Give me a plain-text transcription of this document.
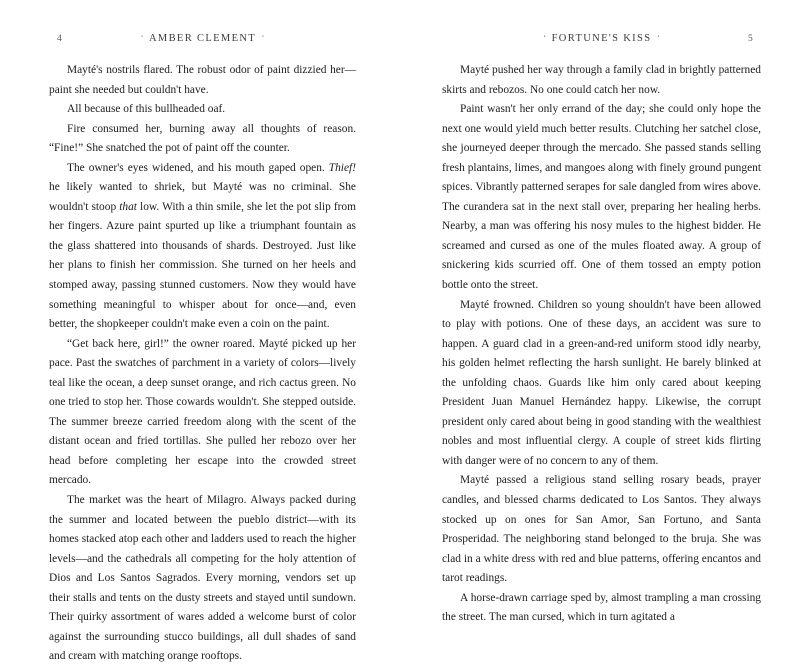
4	• AMBER CLEMENT •

Mayté's nostrils flared. The robust odor of paint dizzied her—paint she needed but couldn't have.

All because of this bullheaded oaf.

Fire consumed her, burning away all thoughts of reason. “Fine!” She snatched the pot of paint off the counter.

The owner's eyes widened, and his mouth gaped open. Thief! he likely wanted to shriek, but Mayté was no criminal. She wouldn't stoop that low. With a thin smile, she let the pot slip from her fingers. Azure paint spurted up like a triumphant fountain as the glass shattered into thousands of shards. Destroyed. Just like her plans to finish her commission. She turned on her heels and stomped away, passing stunned customers. Now they would have something meaningful to whisper about for once—and, even better, the shopkeeper couldn't make even a coin on the paint.

“Get back here, girl!” the owner roared. Mayté picked up her pace. Past the swatches of parchment in a variety of colors—lively teal like the ocean, a deep sunset orange, and rich cactus green. No one tried to stop her. Those cowards wouldn't. She stepped outside. The summer breeze carried freedom along with the scent of the distant ocean and fried tortillas. She pulled her rebozo over her head before completing her escape into the crowded street mercado.

The market was the heart of Milagro. Always packed during the summer and located between the pueblo district—with its homes stacked atop each other and ladders used to reach the higher levels—and the cathedrals all competing for the holy attention of Dios and Los Santos Sagrados. Every morning, vendors set up their stalls and tents on the dusty streets and stayed until sundown. Their quirky assortment of wares added a welcome burst of color against the surrounding stucco buildings, all dull shades of sand and cream with matching orange rooftops.

• FORTUNE'S KISS •	5

Mayté pushed her way through a family clad in brightly patterned skirts and rebozos. No one could catch her now.

Paint wasn't her only errand of the day; she could only hope the next one would yield much better results. Clutching her satchel close, she journeyed deeper through the mercado. She passed stands selling fresh plantains, limes, and mangoes along with finely ground pungent spices. Vibrantly patterned serapes for sale dangled from wires above. The curandera sat in the next stall over, preparing her healing herbs. Nearby, a man was offering his nosy mules to the highest bidder. He screamed and cursed as one of the mules floated away. A group of snickering kids scurried off. One of them tossed an empty potion bottle onto the street.

Mayté frowned. Children so young shouldn't have been allowed to play with potions. One of these days, an accident was sure to happen. A guard clad in a green-and-red uniform stood idly nearby, his golden helmet reflecting the harsh sunlight. He barely blinked at the unfolding chaos. Guards like him only cared about keeping President Juan Manuel Hernández happy. Likewise, the corrupt president only cared about being in good standing with the wealthiest nobles and most influential clergy. A couple of street kids flirting with danger were of no concern to any of them.

Mayté passed a religious stand selling rosary beads, prayer candles, and blessed charms dedicated to Los Santos. They always stocked up on ones for San Amor, San Fortuno, and Santa Prosperidad. The neighboring stand belonged to the bruja. She was clad in a white dress with red and blue patterns, offering encantos and tarot readings.

A horse-drawn carriage sped by, almost trampling a man crossing the street. The man cursed, which in turn agitated a
